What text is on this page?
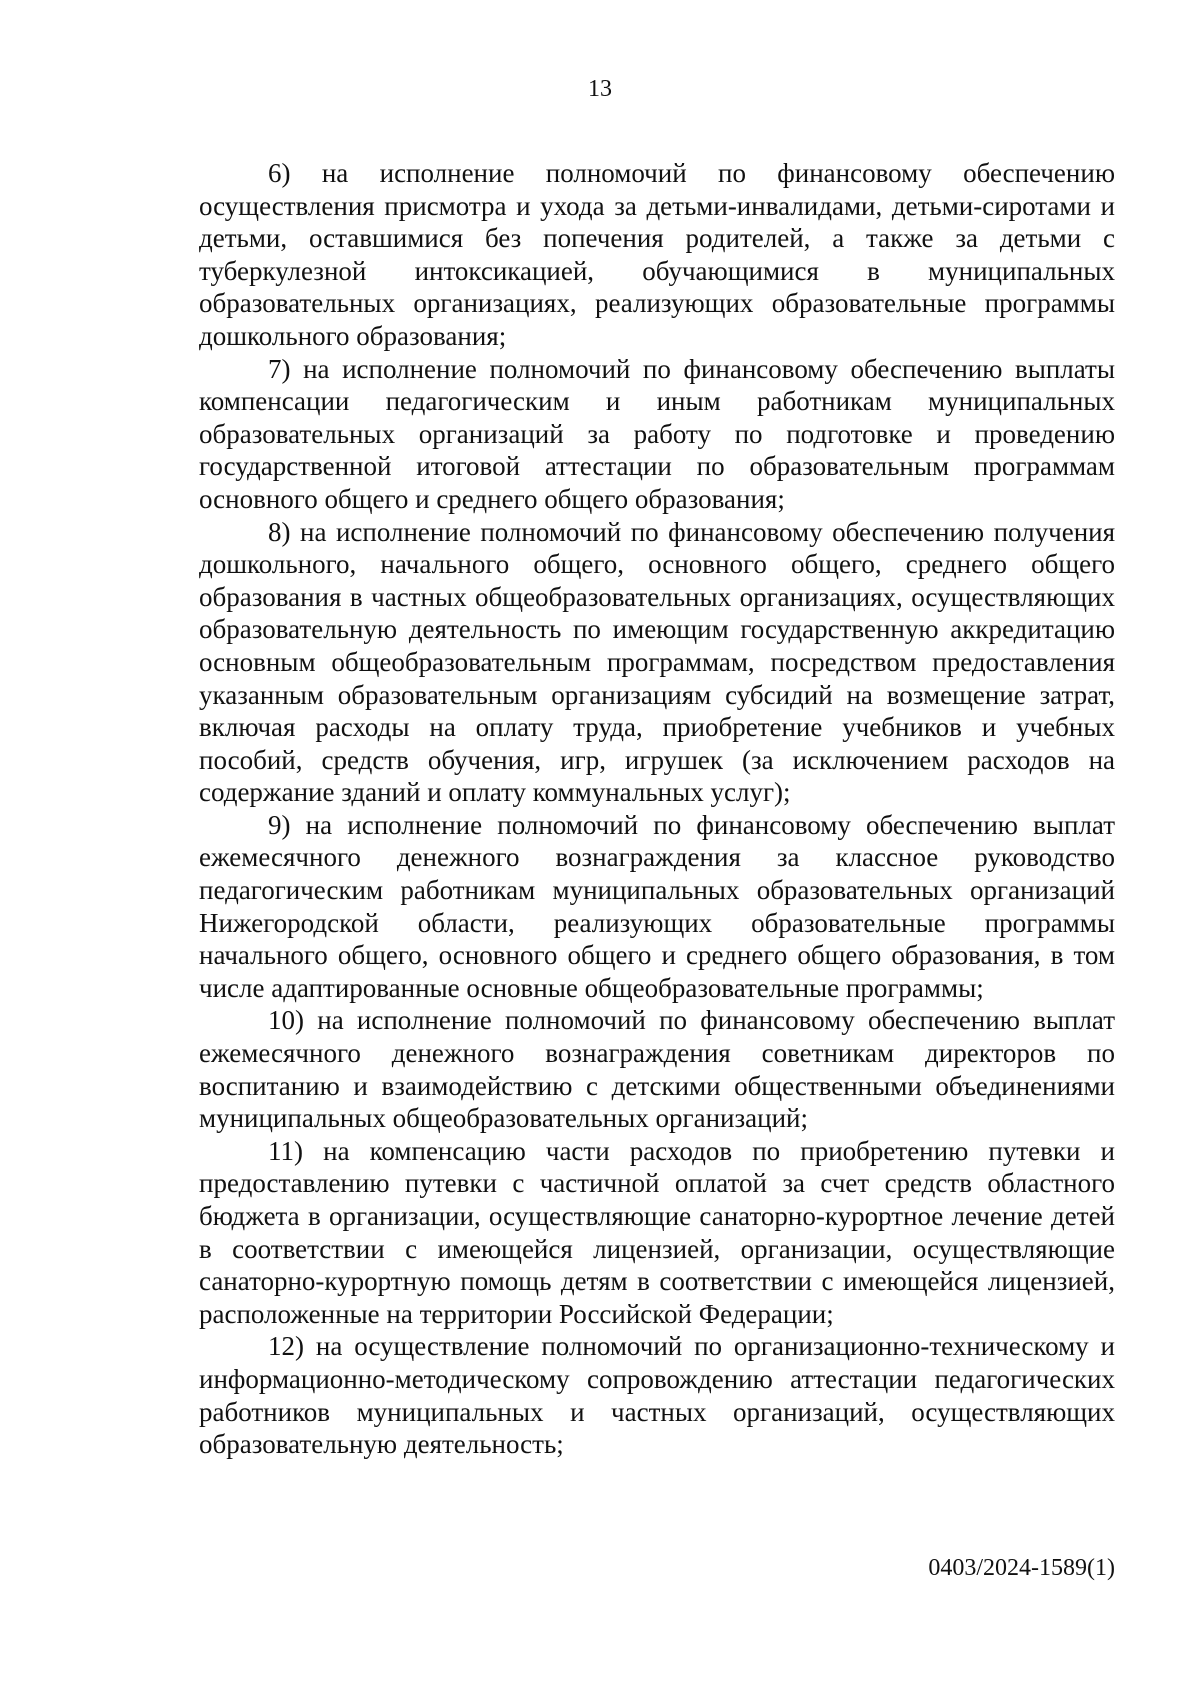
13

6) на исполнение полномочий по финансовому обеспечению осуществления присмотра и ухода за детьми-инвалидами, детьми-сиротами и детьми, оставшимися без попечения родителей, а также за детьми с туберкулезной интоксикацией, обучающимися в муниципальных образовательных организациях, реализующих образовательные программы дошкольного образования;

7) на исполнение полномочий по финансовому обеспечению выплаты компенсации педагогическим и иным работникам муниципальных образовательных организаций за работу по подготовке и проведению государственной итоговой аттестации по образовательным программам основного общего и среднего общего образования;

8) на исполнение полномочий по финансовому обеспечению получения дошкольного, начального общего, основного общего, среднего общего образования в частных общеобразовательных организациях, осуществляющих образовательную деятельность по имеющим государственную аккредитацию основным общеобразовательным программам, посредством предоставления указанным образовательным организациям субсидий на возмещение затрат, включая расходы на оплату труда, приобретение учебников и учебных пособий, средств обучения, игр, игрушек (за исключением расходов на содержание зданий и оплату коммунальных услуг);

9) на исполнение полномочий по финансовому обеспечению выплат ежемесячного денежного вознаграждения за классное руководство педагогическим работникам муниципальных образовательных организаций Нижегородской области, реализующих образовательные программы начального общего, основного общего и среднего общего образования, в том числе адаптированные основные общеобразовательные программы;

10) на исполнение полномочий по финансовому обеспечению выплат ежемесячного денежного вознаграждения советникам директоров по воспитанию и взаимодействию с детскими общественными объединениями муниципальных общеобразовательных организаций;

11) на компенсацию части расходов по приобретению путевки и предоставлению путевки с частичной оплатой за счет средств областного бюджета в организации, осуществляющие санаторно-курортное лечение детей в соответствии с имеющейся лицензией, организации, осуществляющие санаторно-курортную помощь детям в соответствии с имеющейся лицензией, расположенные на территории Российской Федерации;

12) на осуществление полномочий по организационно-техническому и информационно-методическому сопровождению аттестации педагогических работников муниципальных и частных организаций, осуществляющих образовательную деятельность;

0403/2024-1589(1)
